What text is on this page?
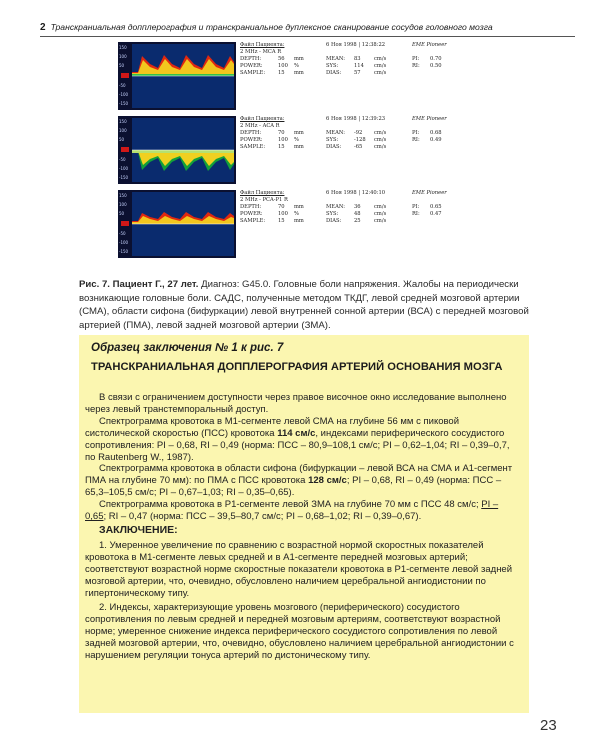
2 Транскраниальная допплерография и транскраниальное дуплексное сканирование сосудов головного мозга
150
100
50
-50
-100
-150
Файл Пациента:	6 Ноя 1998 | 12:38:22	EME Pioneer
2 MHz - MCA R
DEPTH:	56 mm	MEAN: 83	cm/s	PI: 0.70
POWER:	100 %	SYS:	114 cm/s	RI: 0.50
SAMPLE: 15 mm	DIAS: 57	cm/s
150
100
50
-50
-100
-150
Файл Пациента:	6 Ноя 1998 | 12:39:23	EME Pioneer
2 MHz - ACA R
DEPTH:	70 mm	MEAN: -92 cm/s	PI: 0.68
POWER:	100 %	SYS:	-128 cm/s	RI: 0.49
SAMPLE: 15 mm	DIAS: -65 cm/s
150
100
50
-50
-100
-150
Файл Пациента:	6 Ноя 1998 | 12:40:10	EME Pioneer
2 MHz - PCA-P1 R
DEPTH:	70 mm	MEAN: 36	cm/s	PI: 0.65
POWER:	100 %	SYS:	48	cm/s	RI: 0.47
SAMPLE: 15 mm	DIAS: 25	cm/s
Рис. 7. Пациент Г., 27 лет. Диагноз: G45.0. Головные боли напряжения. Жалобы на периодически возникающие головные боли. САДС, полученные методом ТКДГ, левой средней мозговой артерии (СМА), области сифона (бифуркации) левой внутренней сонной артерии (ВСА) с передней мозговой артерией (ПМА), левой задней мозговой артерии (ЗМА).
Образец заключения № 1 к рис. 7
ТРАНСКРАНИАЛЬНАЯ ДОППЛЕРОГРАФИЯ АРТЕРИЙ ОСНОВАНИЯ МОЗГА

В связи с ограничением доступности через правое височное окно исследование выполнено через левый транстемпоральный доступ.

Спектрограмма кровотока в М1-сегменте левой СМА на глубине 56 мм с пиковой систолической скоростью (ПСС) кровотока 114 см/с, индексами периферического сосудистого сопротивления: PI – 0,68, RI – 0,49 (норма: ПСС – 80,9–108,1 см/с; PI – 0,62–1,04; RI – 0,39–0,7, по Rautenberg W., 1987).

Спектрограмма кровотока в области сифона (бифуркации – левой ВСА на СМА и А1-сегмент ПМА на глубине 70 мм): по ПМА с ПСС кровотока 128 см/с; PI – 0,68, RI – 0,49 (норма: ПСС – 65,3–105,5 см/с; PI – 0,67–1,03; RI – 0,35–0,65).

Спектрограмма кровотока в Р1-сегменте левой ЗМА на глубине 70 мм с ПСС 48 см/с; PI – 0,65; RI – 0,47 (норма: ПСС – 39,5–80,7 см/с; PI – 0,68–1,02; RI – 0,39–0,67).

ЗАКЛЮЧЕНИЕ:

1. Умеренное увеличение по сравнению с возрастной нормой скоростных показателей кровотока в М1-сегменте левых средней и в А1-сегменте передней мозговых артерий; соответствуют возрастной норме скоростные показатели кровотока в Р1-сегменте левой задней мозговой артерии, что, очевидно, обусловлено наличием церебральной ангиодистонии по гипертоническому типу.

2. Индексы, характеризующие уровень мозгового (периферического) сосудистого сопротивления по левым средней и передней мозговым артериям, соответствуют возрастной норме; умеренное снижение индекса периферического сосудистого сопротивления по левой задней мозговой артерии, что, очевидно, обусловлено наличием церебральной ангиодистонии с нарушением регуляции тонуса артерий по дистоническому типу.

23
